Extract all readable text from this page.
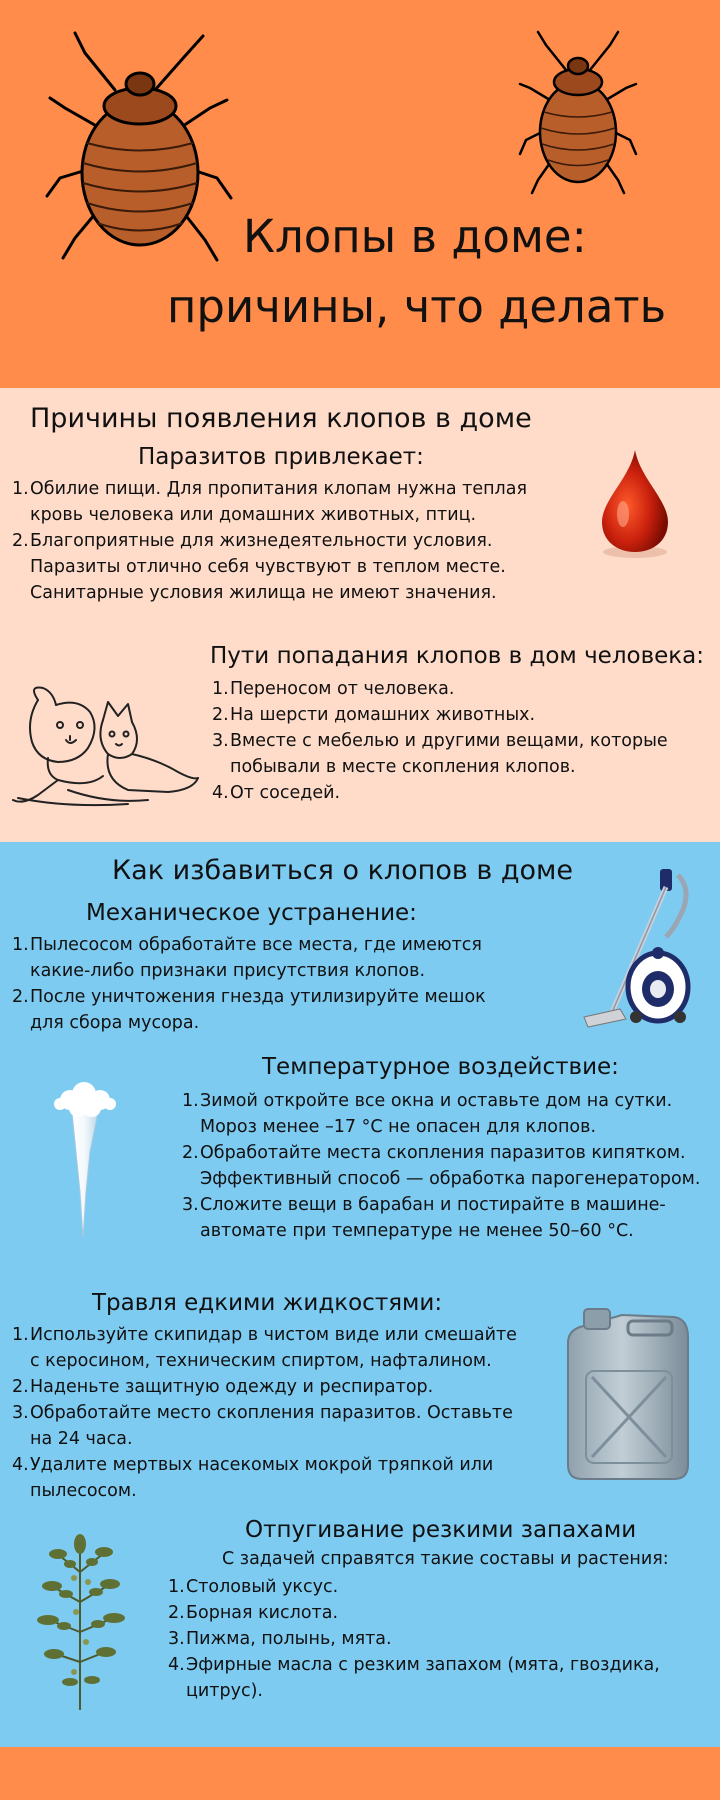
Клопы в доме:
причины, что делать
Причины появления клопов в доме
Паразитов привлекает:
1. Обилие пищи. Для пропитания клопам нужна теплая
кровь человека или домашних животных, птиц.
2. Благоприятные для жизнедеятельности условия.
Паразиты отлично себя чувствуют в теплом месте.
Санитарные условия жилища не имеют значения.
Пути попадания клопов в дом человека:
1. Переносом от человека.
2. На шерсти домашних животных.
3. Вместе с мебелью и другими вещами, которые
побывали в месте скопления клопов.
4. От соседей.
Как избавиться о клопов в доме
Механическое устранение:
1. Пылесосом обработайте все места, где имеются
какие-либо признаки присутствия клопов.
2. После уничтожения гнезда утилизируйте мешок
для сбора мусора.
Температурное воздействие:
1. Зимой откройте все окна и оставьте дом на сутки.
Мороз менее –17 °С не опасен для клопов.
2. Обработайте места скопления паразитов кипятком.
Эффективный способ — обработка парогенератором.
3. Сложите вещи в барабан и постирайте в машине-
автомате при температуре не менее 50–60 °С.
Травля едкими жидкостями:
1. Используйте скипидар в чистом виде или смешайте
с керосином, техническим спиртом, нафталином.
2. Наденьте защитную одежду и респиратор.
3. Обработайте место скопления паразитов. Оставьте
на 24 часа.
4. Удалите мертвых насекомых мокрой тряпкой или
пылесосом.
Отпугивание резкими запахами
С задачей справятся такие составы и растения:
1. Столовый уксус.
2. Борная кислота.
3. Пижма, полынь, мята.
4. Эфирные масла с резким запахом (мята, гвоздика,
цитрус).
